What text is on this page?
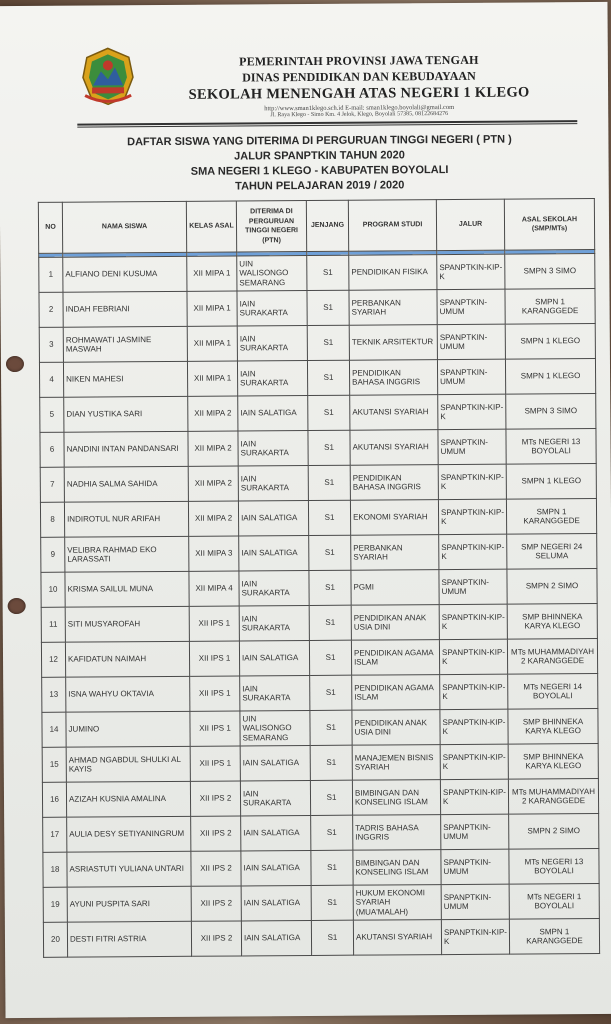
PEMERINTAH PROVINSI JAWA TENGAH
DINAS PENDIDIKAN DAN KEBUDAYAAN
SEKOLAH MENENGAH ATAS NEGERI 1 KLEGO
http://www.sman1klego.sch.id E-mail: sman1klego.boyolali@gmail.com
Jl. Raya Klego - Simo Km. 4 Jelok, Klego, Boyolali 57385, 08122684276
DAFTAR SISWA YANG DITERIMA DI PERGURUAN TINGGI NEGERI ( PTN )
JALUR SPANPTKIN TAHUN 2020
SMA NEGERI 1 KLEGO - KABUPATEN BOYOLALI
TAHUN PELAJARAN 2019 / 2020
NO	NAMA SISWA	KELAS ASAL	DITERIMA DI PERGURUAN TINGGI NEGERI (PTN)	JENJANG	PROGRAM STUDI	JALUR	ASAL SEKOLAH (SMP/MTs)

1	ALFIANO DENI KUSUMA	XII MIPA 1	UIN WALISONGO SEMARANG	S1	PENDIDIKAN FISIKA	SPANPTKIN-KIP-K	SMPN 3 SIMO
2	INDAH FEBRIANI	XII MIPA 1	IAIN SURAKARTA	S1	PERBANKAN SYARIAH	SPANPTKIN-UMUM	SMPN 1 KARANGGEDE
3	ROHMAWATI JASMINE MASWAH	XII MIPA 1	IAIN SURAKARTA	S1	TEKNIK ARSITEKTUR	SPANPTKIN-UMUM	SMPN 1 KLEGO
4	NIKEN MAHESI	XII MIPA 1	IAIN SURAKARTA	S1	PENDIDIKAN BAHASA INGGRIS	SPANPTKIN-UMUM	SMPN 1 KLEGO
5	DIAN YUSTIKA SARI	XII MIPA 2	IAIN SALATIGA	S1	AKUTANSI SYARIAH	SPANPTKIN-KIP-K	SMPN 3 SIMO
6	NANDINI INTAN PANDANSARI	XII MIPA 2	IAIN SURAKARTA	S1	AKUTANSI SYARIAH	SPANPTKIN-UMUM	MTs NEGERI 13 BOYOLALI
7	NADHIA SALMA SAHIDA	XII MIPA 2	IAIN SURAKARTA	S1	PENDIDIKAN BAHASA INGGRIS	SPANPTKIN-KIP-K	SMPN 1 KLEGO
8	INDIROTUL NUR ARIFAH	XII MIPA 2	IAIN SALATIGA	S1	EKONOMI SYARIAH	SPANPTKIN-KIP-K	SMPN 1 KARANGGEDE
9	VELIBRA RAHMAD EKO LARASSATI	XII MIPA 3	IAIN SALATIGA	S1	PERBANKAN SYARIAH	SPANPTKIN-KIP-K	SMP NEGERI 24 SELUMA
10	KRISMA SAILUL MUNA	XII MIPA 4	IAIN SURAKARTA	S1	PGMI	SPANPTKIN-UMUM	SMPN 2 SIMO
11	SITI MUSYAROFAH	XII IPS 1	IAIN SURAKARTA	S1	PENDIDIKAN ANAK USIA DINI	SPANPTKIN-KIP-K	SMP BHINNEKA KARYA KLEGO
12	KAFIDATUN NAIMAH	XII IPS 1	IAIN SALATIGA	S1	PENDIDIKAN AGAMA ISLAM	SPANPTKIN-KIP-K	MTs MUHAMMADIYAH 2 KARANGGEDE
13	ISNA WAHYU OKTAVIA	XII IPS 1	IAIN SURAKARTA	S1	PENDIDIKAN AGAMA ISLAM	SPANPTKIN-KIP-K	MTs NEGERI 14 BOYOLALI
14	JUMINO	XII IPS 1	UIN WALISONGO SEMARANG	S1	PENDIDIKAN ANAK USIA DINI	SPANPTKIN-KIP-K	SMP BHINNEKA KARYA KLEGO
15	AHMAD NGABDUL SHULKI AL KAYIS	XII IPS 1	IAIN SALATIGA	S1	MANAJEMEN BISNIS SYARIAH	SPANPTKIN-KIP-K	SMP BHINNEKA KARYA KLEGO
16	AZIZAH KUSNIA AMALINA	XII IPS 2	IAIN SURAKARTA	S1	BIMBINGAN DAN KONSELING ISLAM	SPANPTKIN-KIP-K	MTs MUHAMMADIYAH 2 KARANGGEDE
17	AULIA DESY SETIYANINGRUM	XII IPS 2	IAIN SALATIGA	S1	TADRIS BAHASA INGGRIS	SPANPTKIN-UMUM	SMPN 2 SIMO
18	ASRIASTUTI YULIANA UNTARI	XII IPS 2	IAIN SALATIGA	S1	BIMBINGAN DAN KONSELING ISLAM	SPANPTKIN-UMUM	MTs NEGERI 13 BOYOLALI
19	AYUNI PUSPITA SARI	XII IPS 2	IAIN SALATIGA	S1	HUKUM EKONOMI SYARIAH (MUA'MALAH)	SPANPTKIN-UMUM	MTs NEGERI 1 BOYOLALI
20	DESTI FITRI ASTRIA	XII IPS 2	IAIN SALATIGA	S1	AKUTANSI SYARIAH	SPANPTKIN-KIP-K	SMPN 1 KARANGGEDE
